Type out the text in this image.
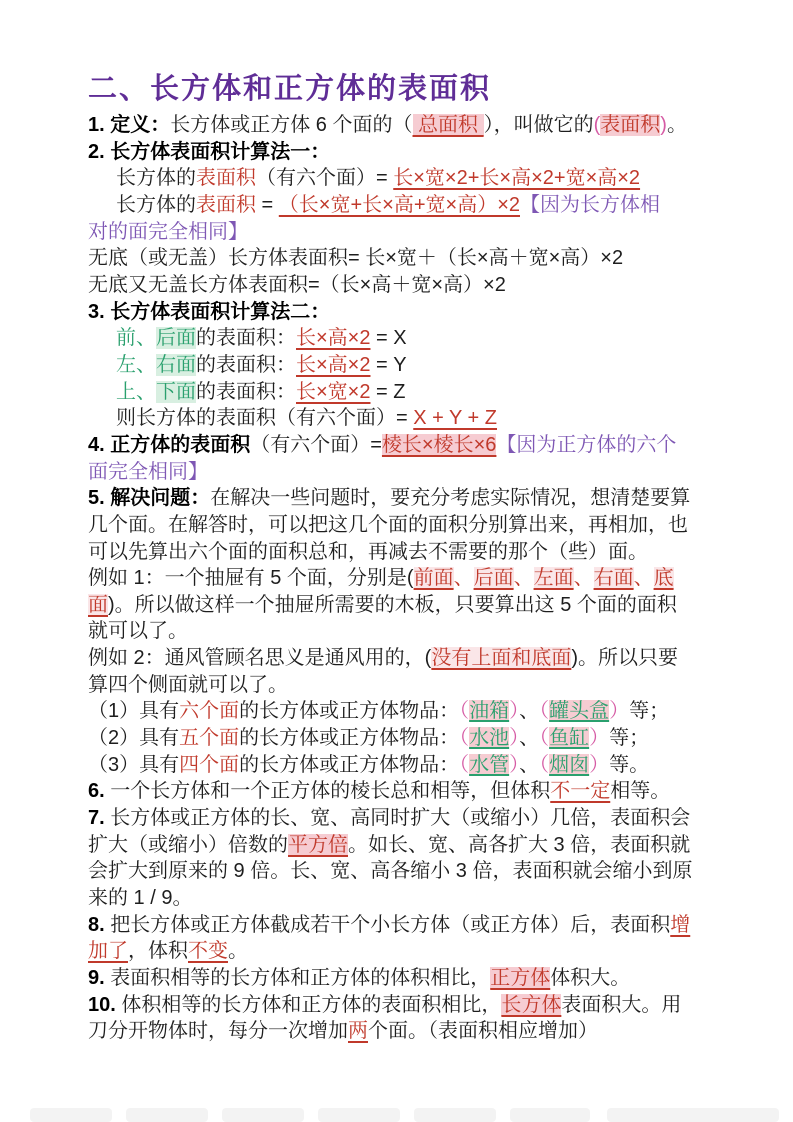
二、长方体和正方体的表面积
1. 定义：长方体或正方体 6 个面的（ 总面积 ），叫做它的(表面积)。
2. 长方体表面积计算法一：
长方体的表面积（有六个面）= 长×宽×2+长×高×2+宽×高×2
长方体的表面积 = （长×宽+长×高+宽×高）×2【因为长方体相
对的面完全相同】
无底（或无盖）长方体表面积= 长×宽＋（长×高＋宽×高）×2
无底又无盖长方体表面积=（长×高＋宽×高）×2
3. 长方体表面积计算法二：
前、后面的表面积：长×高×2 = X
左、右面的表面积：长×高×2 = Y
上、下面的表面积：长×宽×2 = Z
则长方体的表面积（有六个面）= X + Y + Z
4. 正方体的表面积（有六个面）=棱长×棱长×6【因为正方体的六个
面完全相同】
5. 解决问题：在解决一些问题时，要充分考虑实际情况，想清楚要算
几个面。在解答时，可以把这几个面的面积分别算出来，再相加，也
可以先算出六个面的面积总和，再减去不需要的那个（些）面。
例如 1：一个抽屉有 5 个面，分别是(前面、后面、左面、右面、底
面)。所以做这样一个抽屉所需要的木板，只要算出这 5 个面的面积
就可以了。
例如 2：通风管顾名思义是通风用的，(没有上面和底面)。所以只要
算四个侧面就可以了。
（1）具有六个面的长方体或正方体物品：（油箱）、（罐头盒）等；
（2）具有五个面的长方体或正方体物品：（水池）、（鱼缸）等；
（3）具有四个面的长方体或正方体物品：（水管）、（烟囱）等。
6. 一个长方体和一个正方体的棱长总和相等，但体积不一定相等。
7. 长方体或正方体的长、宽、高同时扩大（或缩小）几倍，表面积会
扩大（或缩小）倍数的平方倍。如长、宽、高各扩大 3 倍，表面积就
会扩大到原来的 9 倍。长、宽、高各缩小 3 倍，表面积就会缩小到原
来的 1 / 9。
8. 把长方体或正方体截成若干个小长方体（或正方体）后，表面积增
加了，体积不变。
9. 表面积相等的长方体和正方体的体积相比，正方体体积大。
10. 体积相等的长方体和正方体的表面积相比，长方体表面积大。用
刀分开物体时，每分一次增加两个面。（表面积相应增加）
